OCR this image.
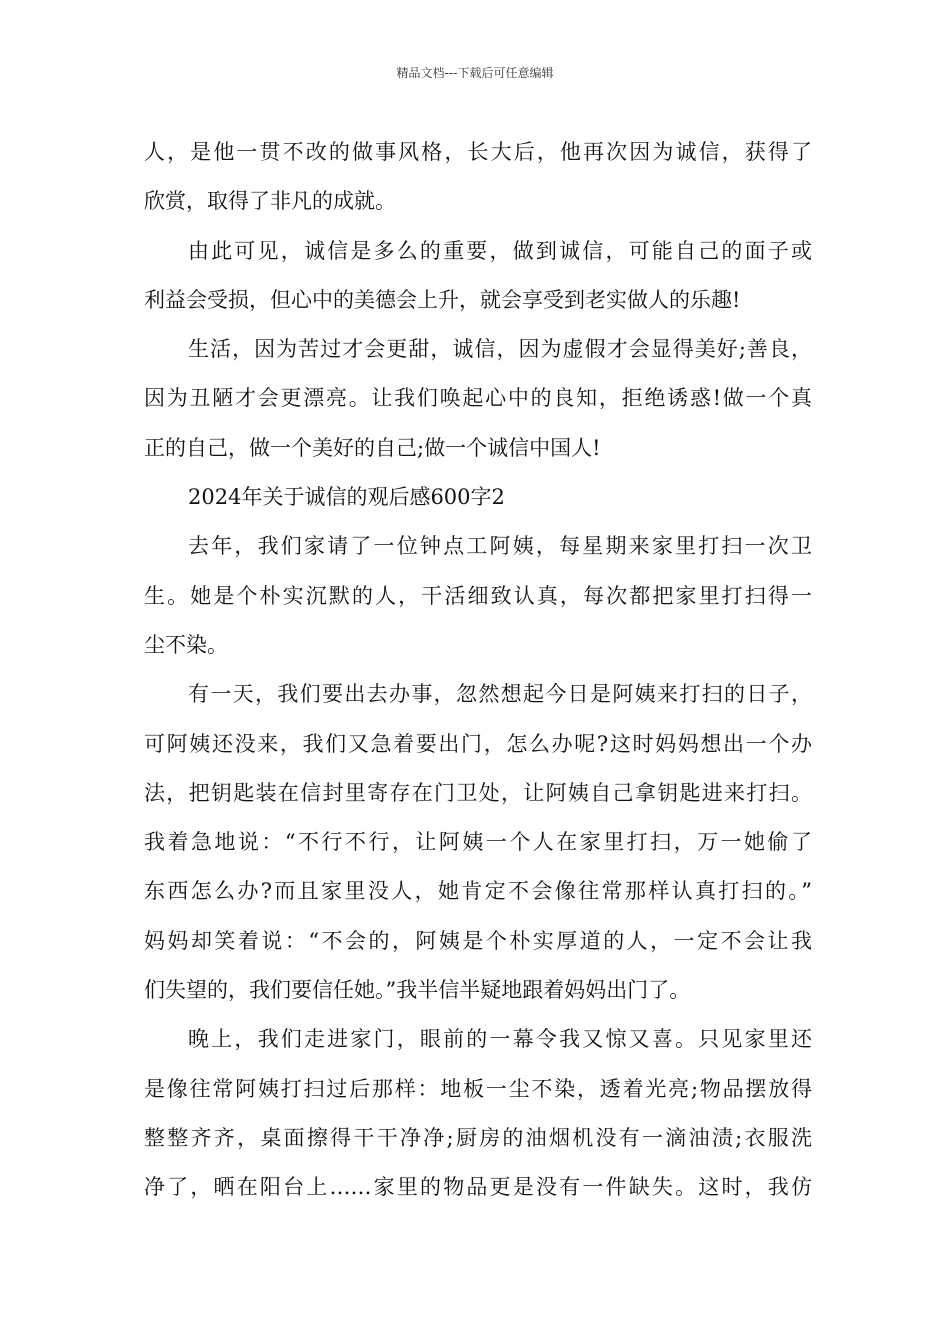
精品文档---下载后可任意编辑
人，是他一贯不改的做事风格，长大后，他再次因为诚信，获得了
欣赏，取得了非凡的成就。
由此可见，诚信是多么的重要，做到诚信，可能自己的面子或
利益会受损，但心中的美德会上升，就会享受到老实做人的乐趣!
生活，因为苦过才会更甜，诚信，因为虚假才会显得美好;善良，
因为丑陋才会更漂亮。让我们唤起心中的良知，拒绝诱惑!做一个真
正的自己，做一个美好的自己;做一个诚信中国人!
2024年关于诚信的观后感600字2
去年，我们家请了一位钟点工阿姨，每星期来家里打扫一次卫
生。她是个朴实沉默的人，干活细致认真，每次都把家里打扫得一
尘不染。
有一天，我们要出去办事，忽然想起今日是阿姨来打扫的日子，
可阿姨还没来，我们又急着要出门，怎么办呢?这时妈妈想出一个办
法，把钥匙装在信封里寄存在门卫处，让阿姨自己拿钥匙进来打扫。
我着急地说：“不行不行，让阿姨一个人在家里打扫，万一她偷了
东西怎么办?而且家里没人，她肯定不会像往常那样认真打扫的。”
妈妈却笑着说：“不会的，阿姨是个朴实厚道的人，一定不会让我
们失望的，我们要信任她。”我半信半疑地跟着妈妈出门了。
晚上，我们走进家门，眼前的一幕令我又惊又喜。只见家里还
是像往常阿姨打扫过后那样：地板一尘不染，透着光亮;物品摆放得
整整齐齐，桌面擦得干干净净;厨房的油烟机没有一滴油渍;衣服洗
净了，晒在阳台上……家里的物品更是没有一件缺失。这时，我仿
